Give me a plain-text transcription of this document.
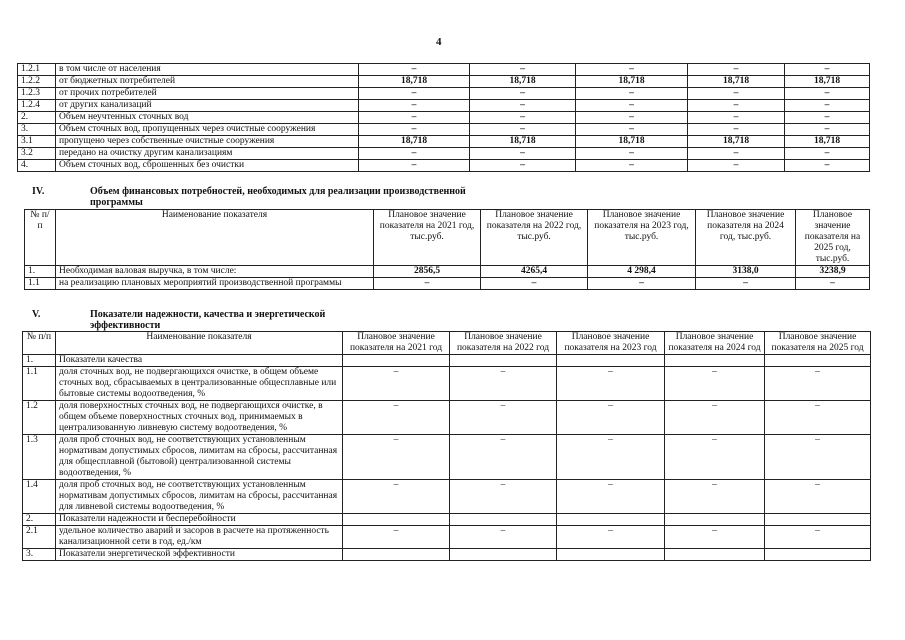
4
1.2.1	в том числе от населения	–	–	–	–	–
1.2.2	от бюджетных потребителей	18,718	18,718	18,718	18,718	18,718
1.2.3	от прочих потребителей	–	–	–	–	–
1.2.4	от других канализаций	–	–	–	–	–
2.	Объем неучтенных сточных вод	–	–	–	–	–
3.	Объем сточных вод, пропущенных через очистные сооружения	–	–	–	–	–
3.1	пропущено через собственные очистные сооружения	18,718	18,718	18,718	18,718	18,718
3.2	передано на очистку другим канализациям	–	–	–	–	–
4.	Объем сточных вод, сброшенных без очистки	–	–	–	–	–
IV.	Объем финансовых потребностей, необходимых для реализации производственной программы
№ п/п	Наименование показателя	Плановое значение показателя на 2021 год, тыс.руб.	Плановое значение показателя на 2022 год, тыс.руб.	Плановое значение показателя на 2023 год, тыс.руб.	Плановое значение показателя на 2024 год, тыс.руб.	Плановое значение показателя на 2025 год, тыс.руб.
1.	Необходимая валовая выручка, в том числе:	2856,5	4265,4	4 298,4	3138,0	3238,9
1.1	на реализацию плановых мероприятий производственной программы	–	–	–	–	–
V.	Показатели надежности, качества и энергетической эффективности
№ п/п	Наименование показателя	Плановое значение показателя на 2021 год	Плановое значение показателя на 2022 год	Плановое значение показателя на 2023 год	Плановое значение показателя на 2024 год	Плановое значение показателя на 2025 год
1.	Показатели качества					
1.1	доля сточных вод, не подвергающихся очистке, в общем объеме сточных вод, сбрасываемых в централизованные общесплавные или бытовые системы водоотведения, %	–	–	–	–	–
1.2	доля поверхностных сточных вод, не подвергающихся очистке, в общем объеме поверхностных сточных вод, принимаемых в централизованную ливневую систему водоотведения, %	–	–	–	–	–
1.3	доля проб сточных вод, не соответствующих установленным нормативам допустимых сбросов, лимитам на сбросы, рассчитанная для общесплавной (бытовой) централизованной системы водоотведения, %	–	–	–	–	–
1.4	доля проб сточных вод, не соответствующих установленным нормативам допустимых сбросов, лимитам на сбросы, рассчитанная для ливневой системы водоотведения, %	–	–	–	–	–
2.	Показатели надежности и бесперебойности					
2.1	удельное количество аварий и засоров в расчете на протяженность канализационной сети в год, ед./км	–	–	–	–	–
3.	Показатели энергетической эффективности					
